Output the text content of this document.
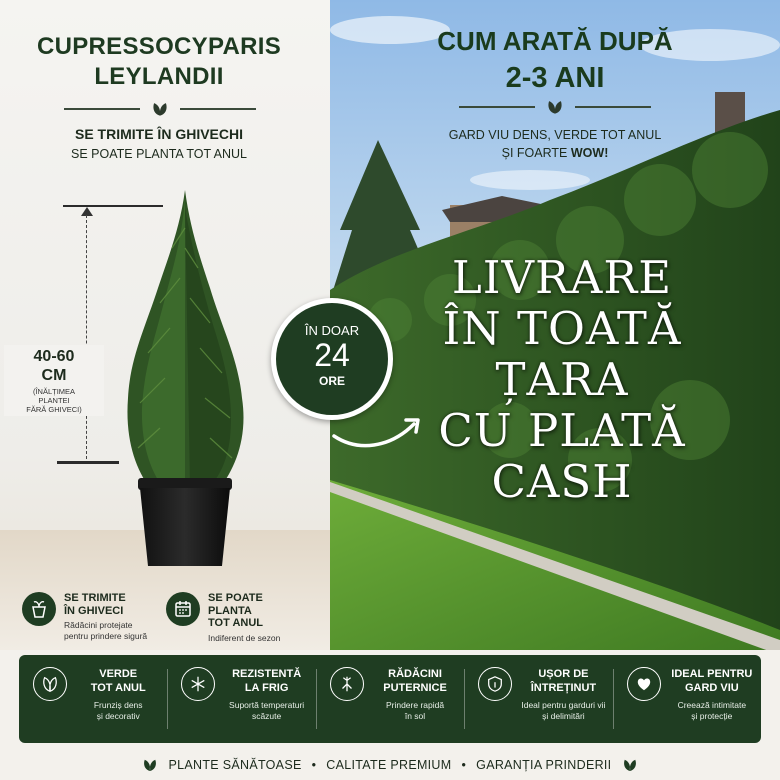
CUPRESSOCYPARIS
LEYLANDII
SE TRIMITE ÎN GHIVECHI
SE POATE PLANTA TOT ANUL
40-60
CM
(ÎNĂLȚIMEA
PLANTEI
FĂRĂ GHIVECI)
SE TRIMITE
ÎN GHIVECI
Rădăcini protejate
pentru prindere sigură
SE POATE
PLANTA
TOT ANUL
Indiferent de sezon
CUM ARATĂ DUPĂ
2-3 ANI
GARD VIU DENS, VERDE TOT ANUL
ȘI FOARTE WOW!
LIVRARE
ÎN TOATĂ
ȚARA
CU PLATĂ
CASH
ÎN DOAR
24
ORE
VERDE
TOT ANUL
Frunziș dens
și decorativ
REZISTENTĂ
LA FRIG
Suportă temperaturi
scăzute
RĂDĂCINI
PUTERNICE
Prindere rapidă
în sol
UȘOR DE
ÎNTREȚINUT
Ideal pentru garduri vii
și delimitări
IDEAL PENTRU
GARD VIU
Creează intimitate
și protecție
PLANTE SĂNĂTOASE • CALITATE PREMIUM • GARANȚIA PRINDERII
